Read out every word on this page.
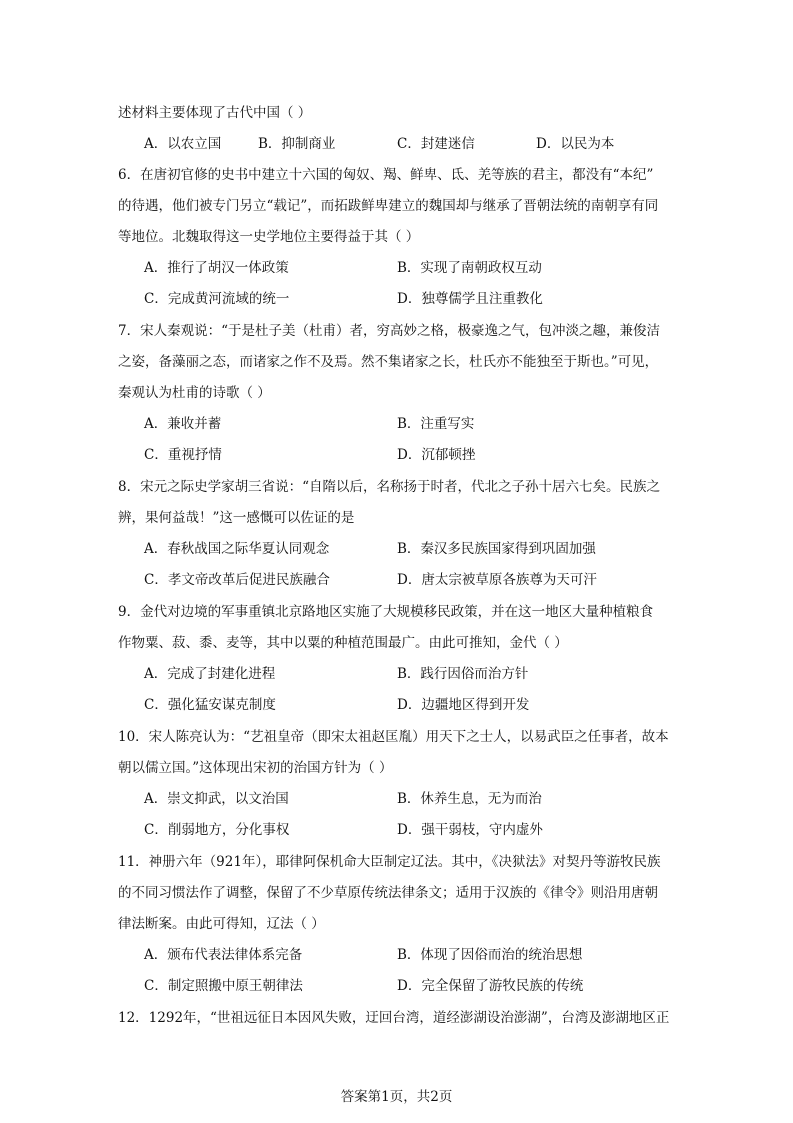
述材料主要体现了古代中国（ ）
A．以农立国	B．抑制商业	C．封建迷信	D．以民为本
6．在唐初官修的史书中建立十六国的匈奴、羯、鲜卑、氐、羌等族的君主，都没有“本纪”
的待遇，他们被专门另立“载记”，而拓跋鲜卑建立的魏国却与继承了晋朝法统的南朝享有同
等地位。北魏取得这一史学地位主要得益于其（ ）
A．推行了胡汉一体政策	B．实现了南朝政权互动
C．完成黄河流域的统一	D．独尊儒学且注重教化
7．宋人秦观说：“于是杜子美（杜甫）者，穷高妙之格，极豪逸之气，包冲淡之趣，兼俊洁
之姿，备藻丽之态，而诸家之作不及焉。然不集诸家之长，杜氏亦不能独至于斯也。”可见，
秦观认为杜甫的诗歌（ ）
A．兼收并蓄	B．注重写实
C．重视抒情	D．沉郁顿挫
8．宋元之际史学家胡三省说：“自隋以后，名称扬于时者，代北之子孙十居六七矣。民族之
辨，果何益哉！”这一感慨可以佐证的是
A．春秋战国之际华夏认同观念	B．秦汉多民族国家得到巩固加强
C．孝文帝改革后促进民族融合	D．唐太宗被草原各族尊为天可汗
9．金代对边境的军事重镇北京路地区实施了大规模移民政策，并在这一地区大量种植粮食
作物粟、菽、黍、麦等，其中以粟的种植范围最广。由此可推知，金代（ ）
A．完成了封建化进程	B．践行因俗而治方针
C．强化猛安谋克制度	D．边疆地区得到开发
10．宋人陈亮认为：“艺祖皇帝（即宋太祖赵匡胤）用天下之士人，以易武臣之任事者，故本
朝以儒立国。”这体现出宋初的治国方针为（ ）
A．崇文抑武，以文治国	B．休养生息，无为而治
C．削弱地方，分化事权	D．强干弱枝，守内虚外
11．神册六年（921年），耶律阿保机命大臣制定辽法。其中，《决狱法》对契丹等游牧民族
的不同习惯法作了调整，保留了不少草原传统法律条文；适用于汉族的《律令》则沿用唐朝
律法断案。由此可得知，辽法（ ）
A．颁布代表法律体系完备	B．体现了因俗而治的统治思想
C．制定照搬中原王朝律法	D．完全保留了游牧民族的传统
12．1292年，“世祖远征日本因风失败，迂回台湾，道经澎湖设治澎湖”，台湾及澎湖地区正
答案第1页，共2页
